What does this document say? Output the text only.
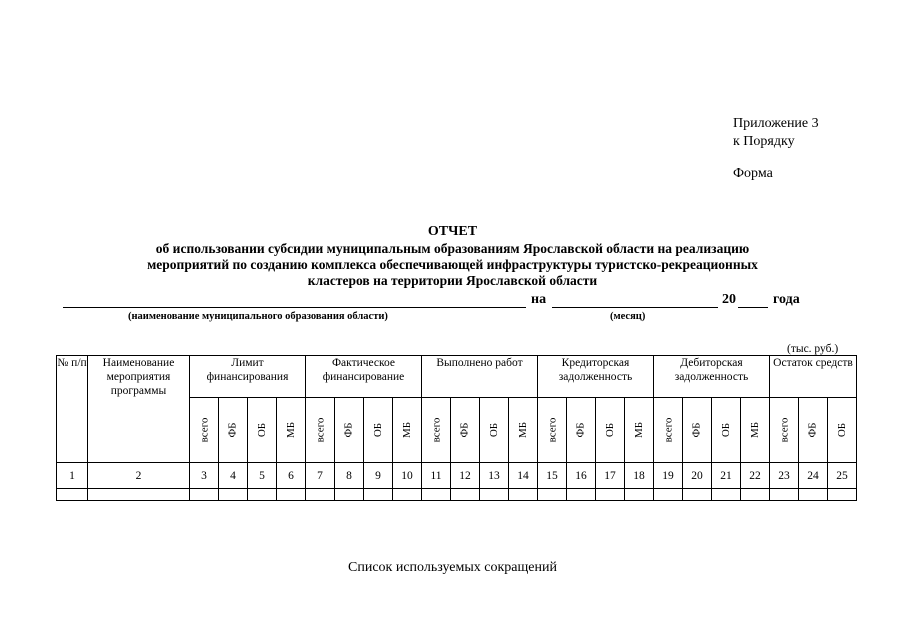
Приложение 3
к Порядку
Форма
ОТЧЕТ
об использовании субсидии муниципальным образованиям Ярославской области на реализацию
мероприятий по созданию комплекса обеспечивающей инфраструктуры туристско-рекреационных
кластеров на территории Ярославской области
на	20	года
(наименование муниципального образования области)	(месяц)
(тыс. руб.)
№ п/п	Наименование мероприятия программы	Лимит финансирования				Фактическое финансирование				Выполнено работ				Кредиторская задолженность				Дебиторская задолженность				Остаток средств		
		всего	ФБ	ОБ	МБ	всего	ФБ	ОБ	МБ	всего	ФБ	ОБ	МБ	всего	ФБ	ОБ	МБ	всего	ФБ	ОБ	МБ	всего	ФБ	ОБ
1	2	3	4	5	6	7	8	9	10	11	12	13	14	15	16	17	18	19	20	21	22	23	24	25

Список используемых сокращений
